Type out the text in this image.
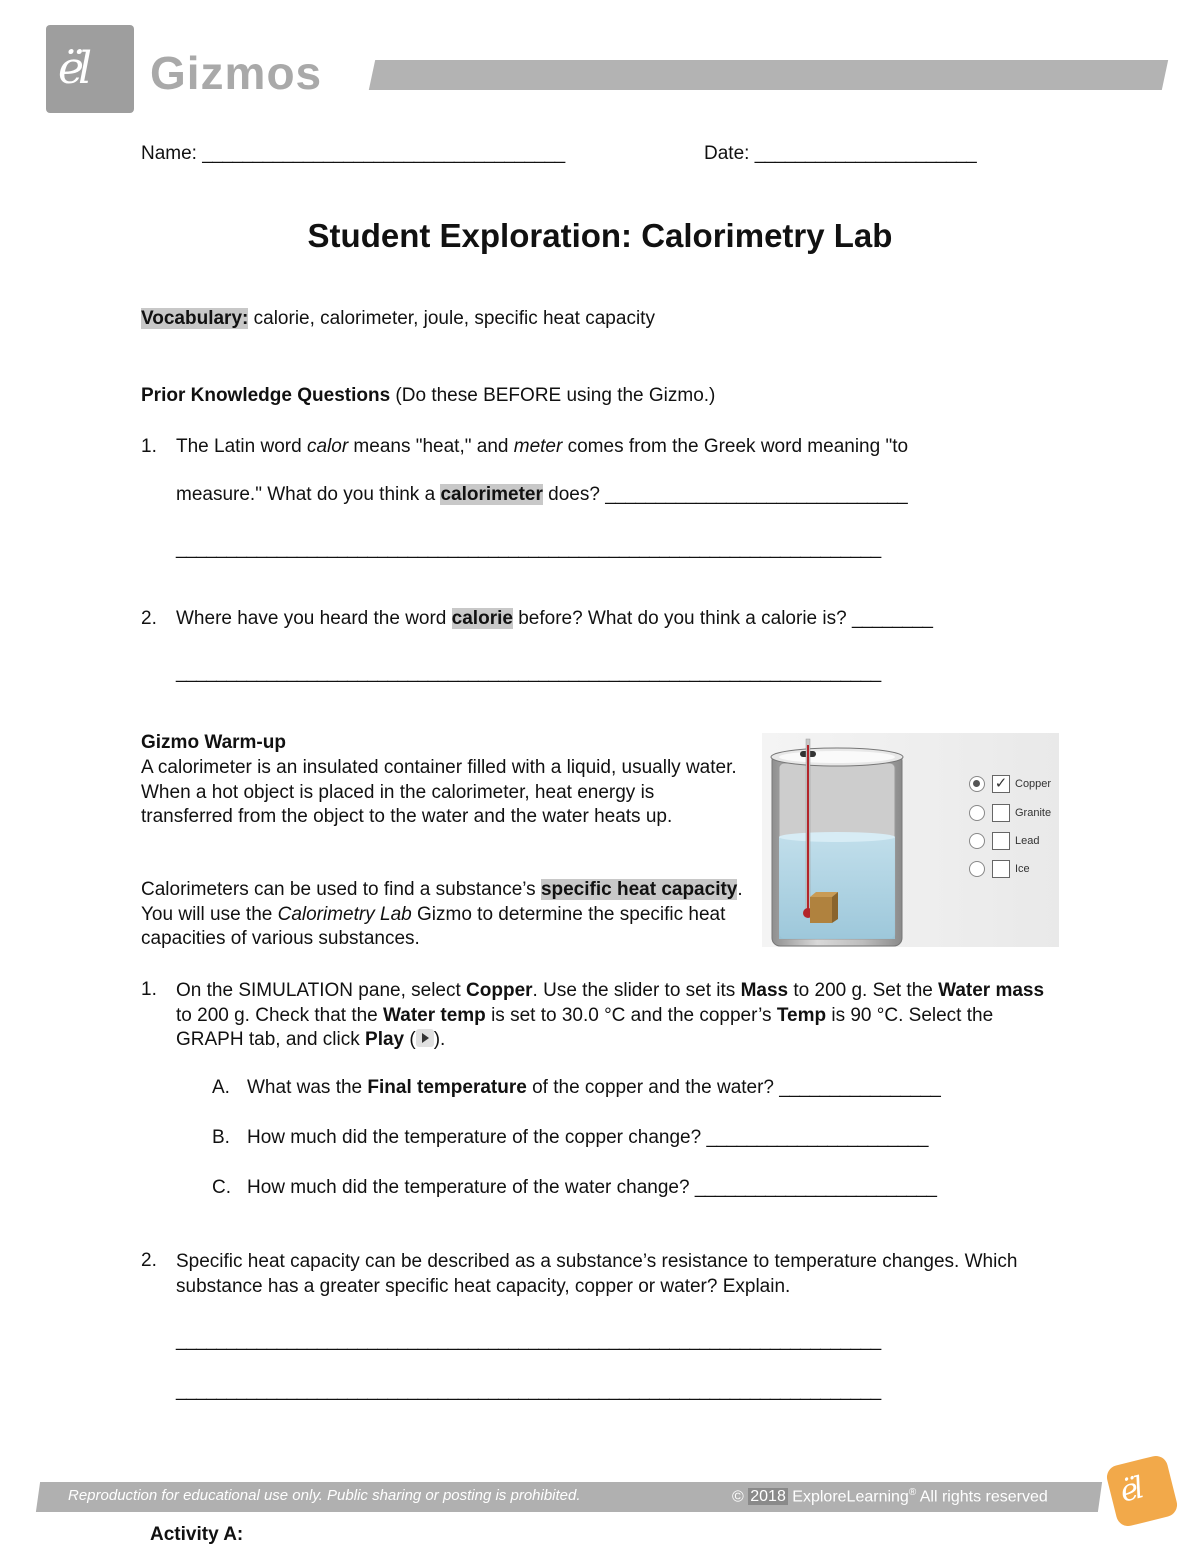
ël Gizmos
Name: ____________________________________	Date: ______________________
Student Exploration: Calorimetry Lab
Vocabulary: calorie, calorimeter, joule, specific heat capacity
Prior Knowledge Questions (Do these BEFORE using the Gizmo.)
1. The Latin word calor means "heat," and meter comes from the Greek word meaning "to
measure." What do you think a calorimeter does? ______________________________
______________________________________________________________________
2. Where have you heard the word calorie before? What do you think a calorie is? ________
______________________________________________________________________
Gizmo Warm-up
A calorimeter is an insulated container filled with a liquid, usually water. When a hot object is placed in the calorimeter, heat energy is transferred from the object to the water and the water heats up.
Calorimeters can be used to find a substance’s specific heat capacity. You will use the Calorimetry Lab Gizmo to determine the specific heat capacities of various substances.
✓ Copper
Granite
Lead
Ice
1. On the SIMULATION pane, select Copper. Use the slider to set its Mass to 200 g. Set the Water mass to 200 g. Check that the Water temp is set to 30.0 °C and the copper’s Temp is 90 °C. Select the GRAPH tab, and click Play ( ).
A. What was the Final temperature of the copper and the water? ________________
B. How much did the temperature of the copper change? ______________________
C. How much did the temperature of the water change? ________________________
2. Specific heat capacity can be described as a substance’s resistance to temperature changes. Which substance has a greater specific heat capacity, copper or water? Explain.
______________________________________________________________________
______________________________________________________________________
Reproduction for educational use only. Public sharing or posting is prohibited.	© 2018 ExploreLearning® All rights reserved ël
Activity A:
